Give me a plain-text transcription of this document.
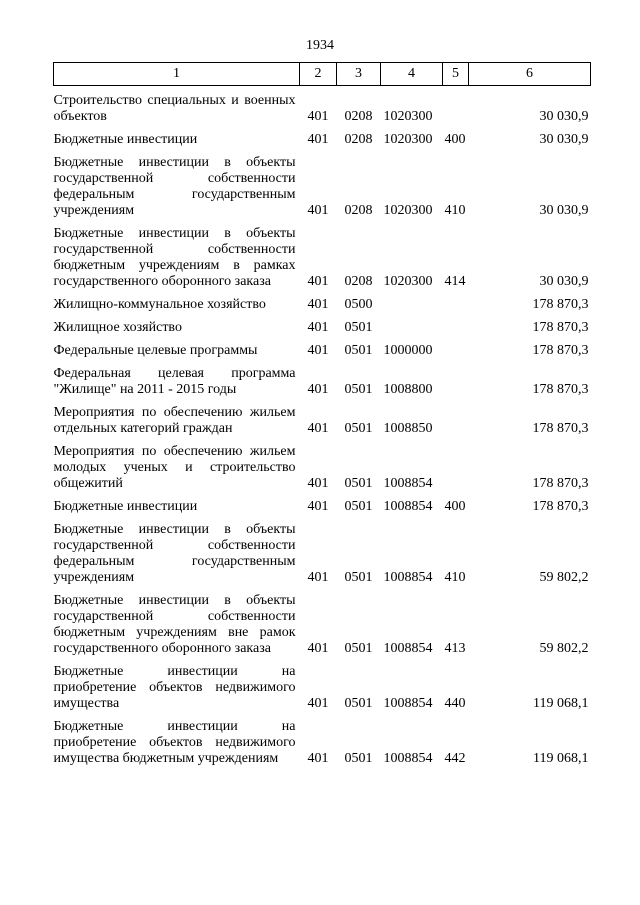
1934
1	2	3	4	5	6
Строительство специальных и военных объектов	401	0208	1020300		30 030,9
Бюджетные инвестиции	401	0208	1020300	400	30 030,9
Бюджетные инвестиции в объекты государственной собственности федеральным государственным учреждениям	401	0208	1020300	410	30 030,9
Бюджетные инвестиции в объекты государственной собственности бюджетным учреждениям в рамках государственного оборонного заказа	401	0208	1020300	414	30 030,9
Жилищно-коммунальное хозяйство	401	0500			178 870,3
Жилищное хозяйство	401	0501			178 870,3
Федеральные целевые программы	401	0501	1000000		178 870,3
Федеральная целевая программа "Жилище" на 2011 - 2015 годы	401	0501	1008800		178 870,3
Мероприятия по обеспечению жильем отдельных категорий граждан	401	0501	1008850		178 870,3
Мероприятия по обеспечению жильем молодых ученых и строительство общежитий	401	0501	1008854		178 870,3
Бюджетные инвестиции	401	0501	1008854	400	178 870,3
Бюджетные инвестиции в объекты государственной собственности федеральным государственным учреждениям	401	0501	1008854	410	59 802,2
Бюджетные инвестиции в объекты государственной собственности бюджетным учреждениям вне рамок государственного оборонного заказа	401	0501	1008854	413	59 802,2
Бюджетные инвестиции на приобретение объектов недвижимого имущества	401	0501	1008854	440	119 068,1
Бюджетные инвестиции на приобретение объектов недвижимого имущества бюджетным учреждениям	401	0501	1008854	442	119 068,1
